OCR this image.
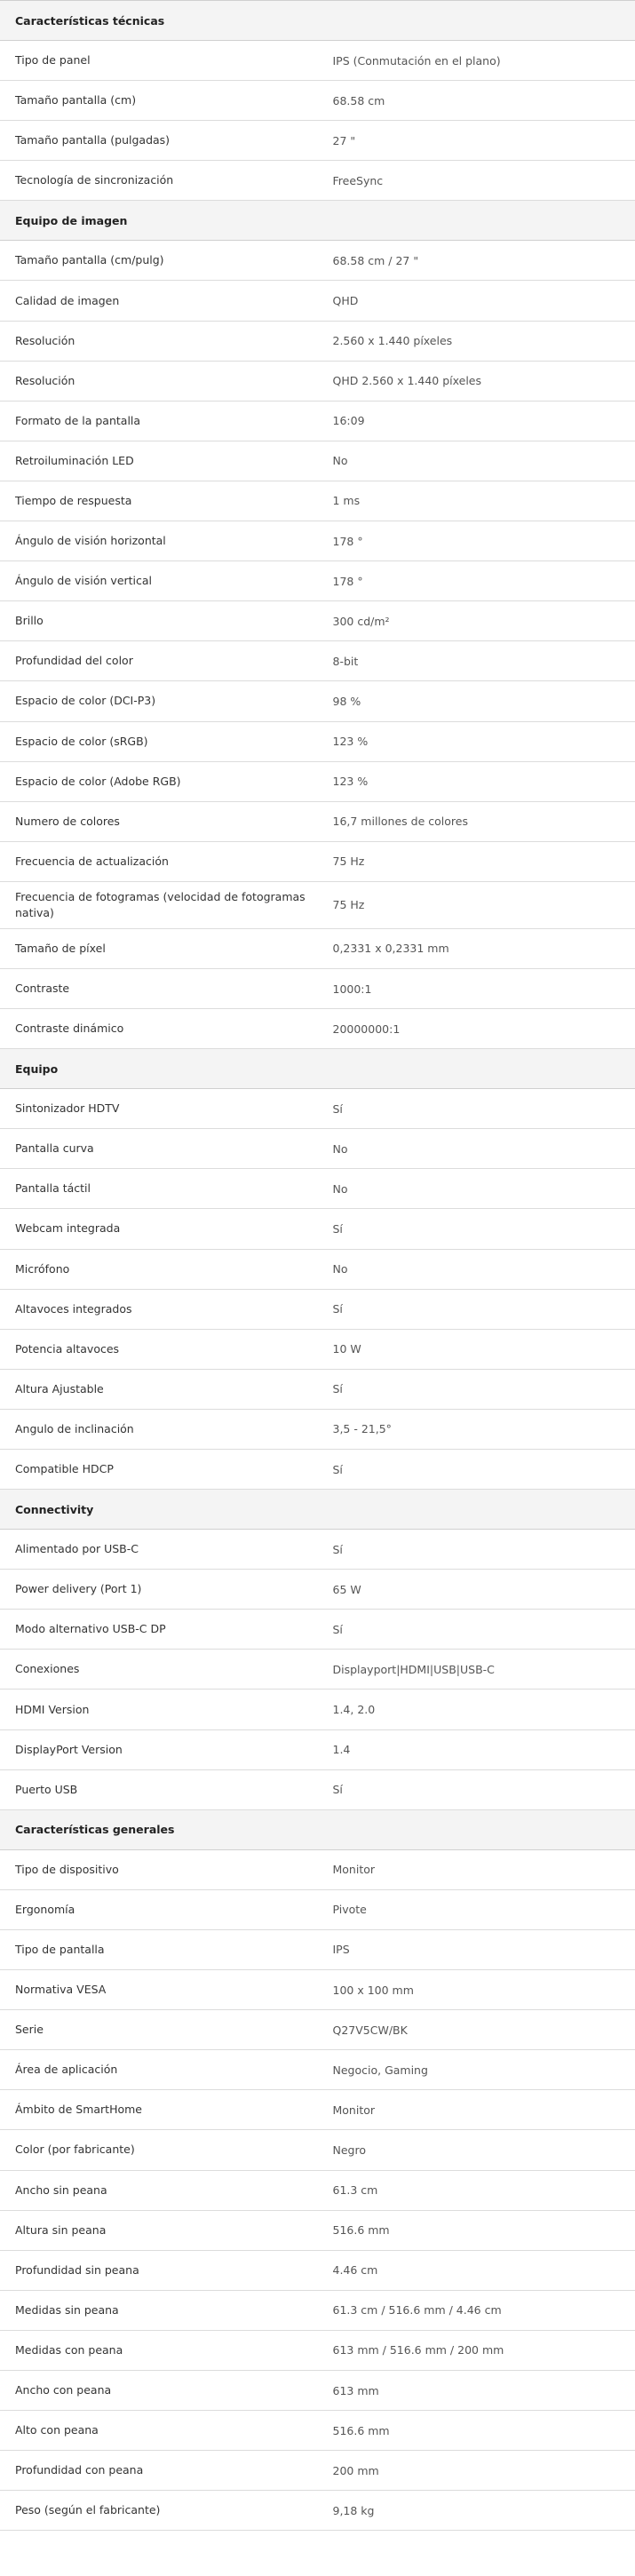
Características técnicas	
Tipo de panel	IPS (Conmutación en el plano)
Tamaño pantalla (cm)	68.58 cm
Tamaño pantalla (pulgadas)	27 "
Tecnología de sincronización	FreeSync
Equipo de imagen	
Tamaño pantalla (cm/pulg)	68.58 cm / 27 "
Calidad de imagen	QHD
Resolución	2.560 x 1.440 píxeles
Resolución	QHD 2.560 x 1.440 píxeles
Formato de la pantalla	16:09
Retroiluminación LED	No
Tiempo de respuesta	1 ms
Ángulo de visión horizontal	178 °
Ángulo de visión vertical	178 °
Brillo	300 cd/m²
Profundidad del color	8-bit
Espacio de color (DCI-P3)	98 %
Espacio de color (sRGB)	123 %
Espacio de color (Adobe RGB)	123 %
Numero de colores	16,7 millones de colores
Frecuencia de actualización	75 Hz
Frecuencia de fotogramas (velocidad de fotogramas nativa)	75 Hz
Tamaño de píxel	0,2331 x 0,2331 mm
Contraste	1000:1
Contraste dinámico	20000000:1
Equipo	
Sintonizador HDTV	Sí
Pantalla curva	No
Pantalla táctil	No
Webcam integrada	Sí
Micrófono	No
Altavoces integrados	Sí
Potencia altavoces	10 W
Altura Ajustable	Sí
Angulo de inclinación	3,5 - 21,5°
Compatible HDCP	Sí
Connectivity	
Alimentado por USB-C	Sí
Power delivery (Port 1)	65 W
Modo alternativo USB-C DP	Sí
Conexiones	Displayport|HDMI|USB|USB-C
HDMI Version	1.4, 2.0
DisplayPort Version	1.4
Puerto USB	Sí
Características generales	
Tipo de dispositivo	Monitor
Ergonomía	Pivote
Tipo de pantalla	IPS
Normativa VESA	100 x 100 mm
Serie	Q27V5CW/BK
Área de aplicación	Negocio, Gaming
Ámbito de SmartHome	Monitor
Color (por fabricante)	Negro
Ancho sin peana	61.3 cm
Altura sin peana	516.6 mm
Profundidad sin peana	4.46 cm
Medidas sin peana	61.3 cm / 516.6 mm / 4.46 cm
Medidas con peana	613 mm / 516.6 mm / 200 mm
Ancho con peana	613 mm
Alto con peana	516.6 mm
Profundidad con peana	200 mm
Peso (según el fabricante)	9,18 kg
